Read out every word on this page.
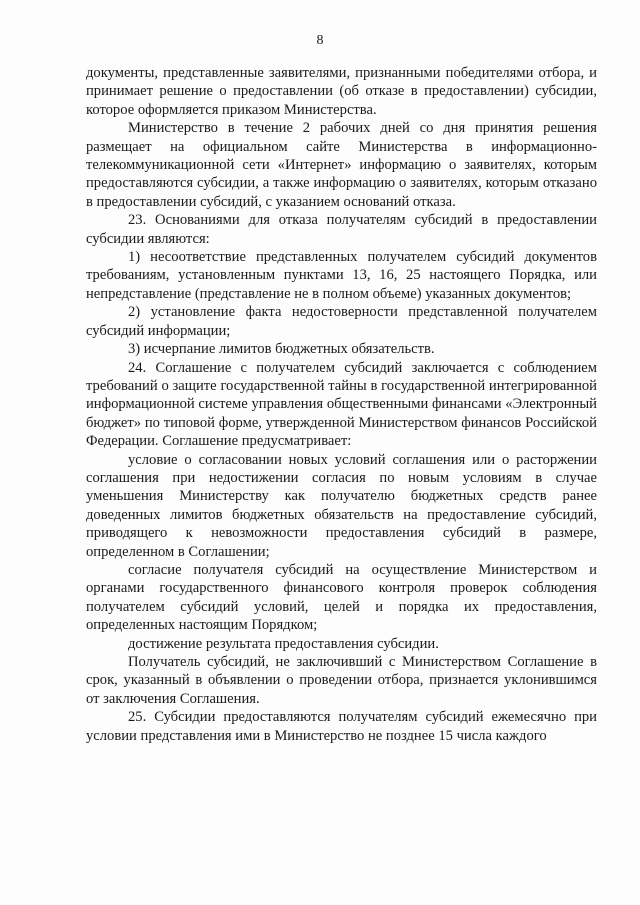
8

документы, представленные заявителями, признанными победителями отбора, и принимает решение о предоставлении (об отказе в предоставлении) субсидии, которое оформляется приказом Министерства.

Министерство в течение 2 рабочих дней со дня принятия решения размещает на официальном сайте Министерства в информационно-телекоммуникационной сети «Интернет» информацию о заявителях, которым предоставляются субсидии, а также информацию о заявителях, которым отказано в предоставлении субсидий, с указанием оснований отказа.

23. Основаниями для отказа получателям субсидий в предоставлении субсидии являются:

1) несоответствие представленных получателем субсидий документов требованиям, установленным пунктами 13, 16, 25 настоящего Порядка, или непредставление (представление не в полном объеме) указанных документов;

2) установление факта недостоверности представленной получателем субсидий информации;

3) исчерпание лимитов бюджетных обязательств.

24. Соглашение с получателем субсидий заключается с соблюдением требований о защите государственной тайны в государственной интегрированной информационной системе управления общественными финансами «Электронный бюджет» по типовой форме, утвержденной Министерством финансов Российской Федерации. Соглашение предусматривает:

условие о согласовании новых условий соглашения или о расторжении соглашения при недостижении согласия по новым условиям в случае уменьшения Министерству как получателю бюджетных средств ранее доведенных лимитов бюджетных обязательств на предоставление субсидий, приводящего к невозможности предоставления субсидий в размере, определенном в Соглашении;

согласие получателя субсидий на осуществление Министерством и органами государственного финансового контроля проверок соблюдения получателем субсидий условий, целей и порядка их предоставления, определенных настоящим Порядком;

достижение результата предоставления субсидии.

Получатель субсидий, не заключивший с Министерством Соглашение в срок, указанный в объявлении о проведении отбора, признается уклонившимся от заключения Соглашения.

25. Субсидии предоставляются получателям субсидий ежемесячно при условии представления ими в Министерство не позднее 15 числа каждого
